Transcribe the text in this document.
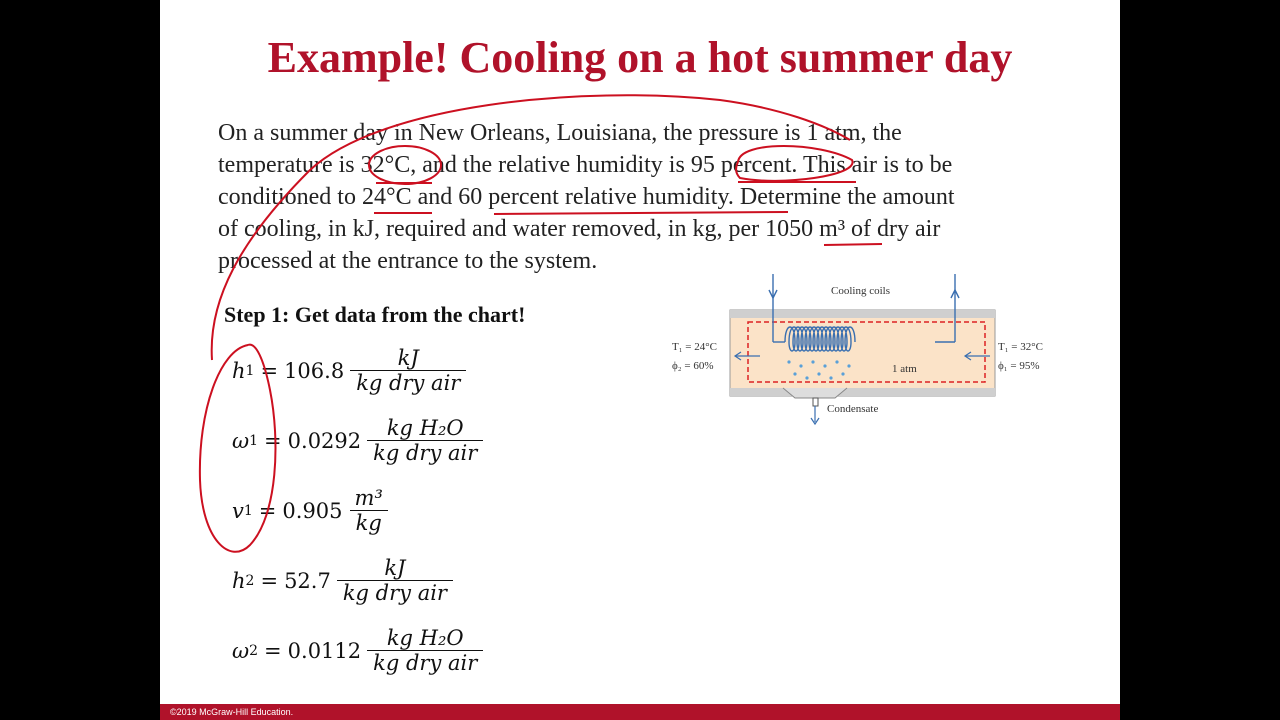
Example! Cooling on a hot summer day
On a summer day in New Orleans, Louisiana, the pressure is 1 atm, the
temperature is 32°C, and the relative humidity is 95 percent. This air is to be
conditioned to 24°C and 60 percent relative humidity. Determine the amount
of cooling, in kJ, required and water removed, in kg, per 1050 m³ of dry air
processed at the entrance to the system.
Step 1: Get data from the chart!
h $1 = 106.8 \frac{kJ}{\text{kg dry air}}$
ω $1 = 0.0292 \frac{\text{kg H₂O}}{\text{kg dry air}}$
v $1 = 0.905 \frac{\text{m³}}{kg}$
h $2 = 52.7 \frac{kJ}{\text{kg dry air}}$
ω $2 = 0.0112 \frac{\text{kg H₂O}}{\text{kg dry air}}$
Cooling coils
1 atm
Condensate
T₁ = 24°C
ϕ₂ = 60%
T₁ = 32°C
ϕ₁ = 95%
©2019 McGraw-Hill Education.
